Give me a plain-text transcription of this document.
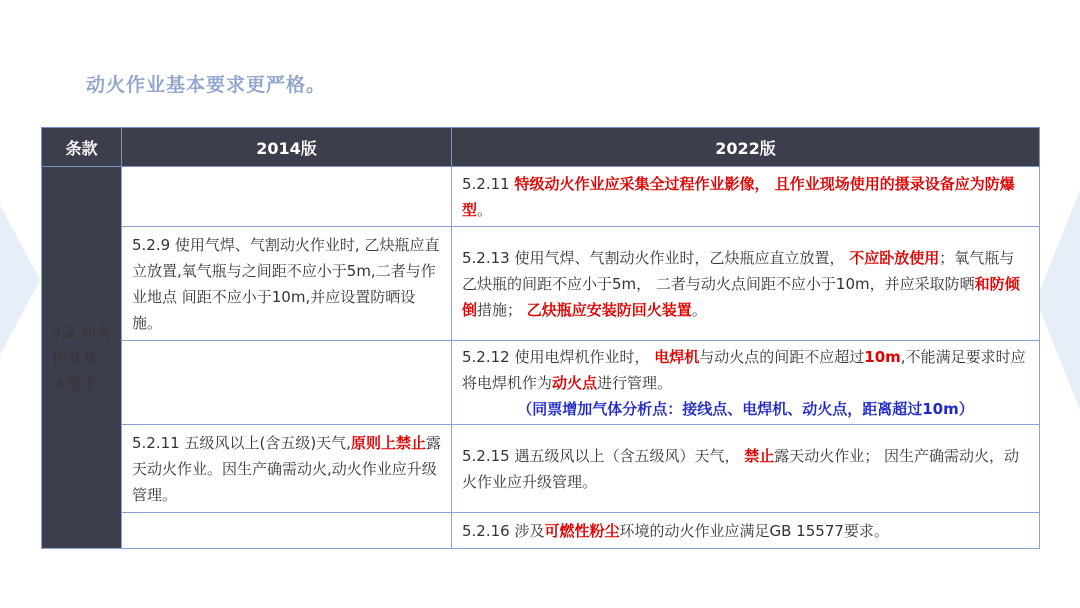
动火作业基本要求更严格。
条款	2014版	2022版
5.2 动火作业基本要求		5.2.11 特级动火作业应采集全过程作业影像， 且作业现场使用的摄录设备应为防爆型。
	5.2.9 使用气焊、气割动火作业时, 乙炔瓶应直立放置,氧气瓶与之间距不应小于5m,二者与作业地点 间距不应小于10m,并应设置防晒设施。	5.2.13 使用气焊、气割动火作业时，乙炔瓶应直立放置， 不应卧放使用；氧气瓶与乙炔瓶的间距不应小于5m， 二者与动火点间距不应小于10m，并应采取防晒和防倾倒措施； 乙炔瓶应安装防回火装置。
		5.2.12 使用电焊机作业时， 电焊机与动火点的间距不应超过10m,不能满足要求时应将电焊机作为动火点进行管理。
（同票增加气体分析点：接线点、电焊机、动火点，距离超过10m）

	5.2.11 五级风以上(含五级)天气,原则上禁止露天动火作业。因生产确需动火,动火作业应升级 管理。	5.2.15 遇五级风以上（含五级风）天气， 禁止露天动火作业； 因生产确需动火，动火作业应升级管理。
		5.2.16 涉及可燃性粉尘环境的动火作业应满足GB 15577要求。
